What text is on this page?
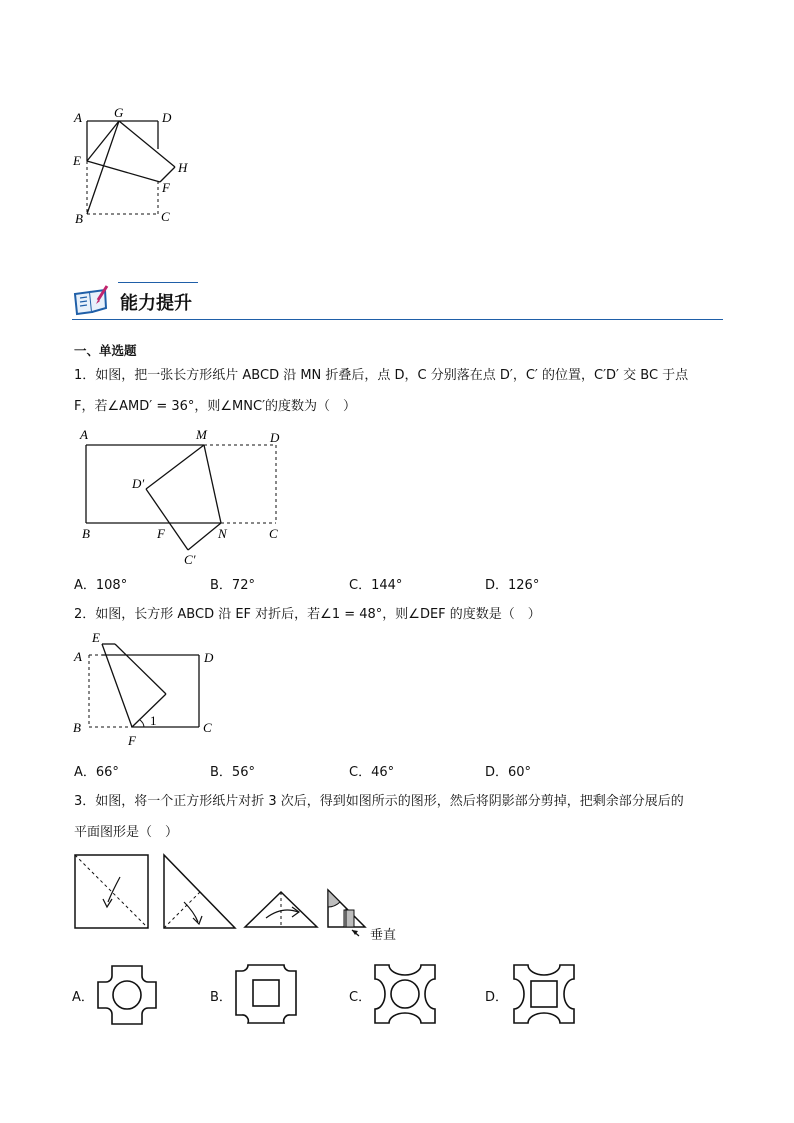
A G	D
E	H
F
B	C
能力提升
一、单选题
1．如图，把一张长方形纸片 ABCD 沿 MN 折叠后，点 D，C 分别落在点 D′，C′ 的位置，C′D′ 交 BC 于点
F，若∠AMD′ = 36°，则∠MNC′的度数为（　）
A	M	D
D′
B	F	N	C
C′
A．108°	B．72°	C．144°	D．126°
2．如图，长方形 ABCD 沿 EF 对折后，若∠1 = 48°，则∠DEF 的度数是（　）
E
A	D
B
F
C
1
A．66°	B．56°	C．46°	D．60°
3．如图，将一个正方形纸片对折 3 次后，得到如图所示的图形，然后将阴影部分剪掉，把剩余部分展后的
平面图形是（　）
垂直
A．	B．	C．	D．
